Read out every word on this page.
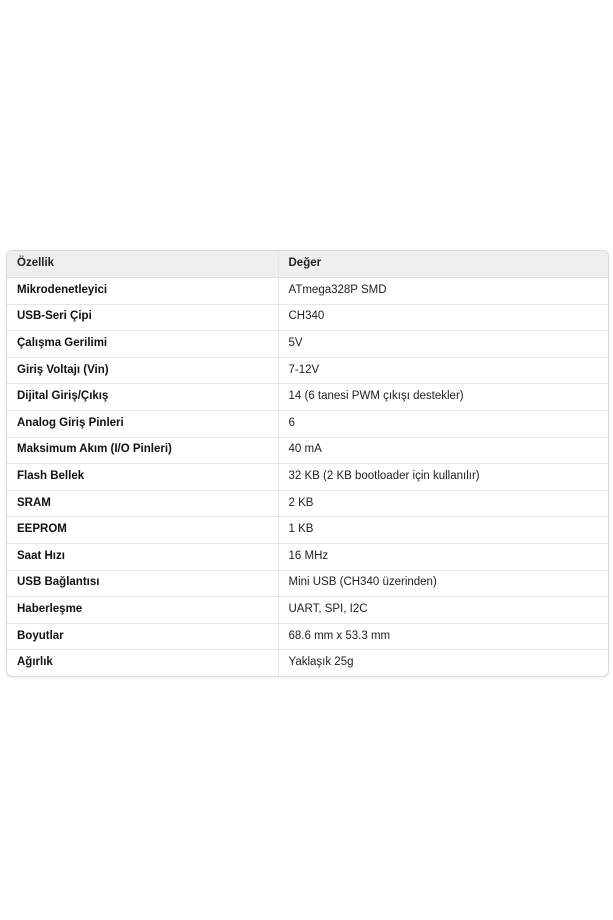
Özellik	Değer
Mikrodenetleyici	ATmega328P SMD
USB-Seri Çipi	CH340
Çalışma Gerilimi	5V
Giriş Voltajı (Vin)	7-12V
Dijital Giriş/Çıkış	14 (6 tanesi PWM çıkışı destekler)
Analog Giriş Pinleri	6
Maksimum Akım (I/O Pinleri)	40 mA
Flash Bellek	32 KB (2 KB bootloader için kullanılır)
SRAM	2 KB
EEPROM	1 KB
Saat Hızı	16 MHz
USB Bağlantısı	Mini USB (CH340 üzerinden)
Haberleşme	UART, SPI, I2C
Boyutlar	68.6 mm x 53.3 mm
Ağırlık	Yaklaşık 25g
